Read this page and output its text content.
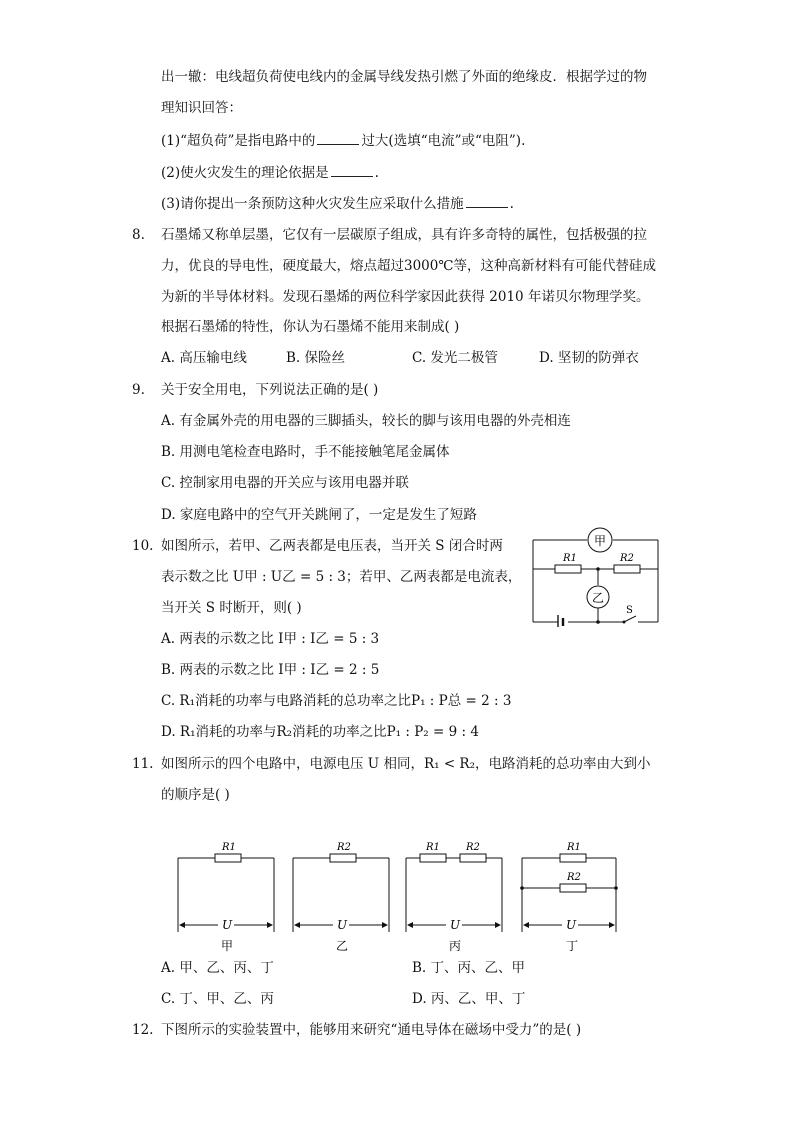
出一辙：电线超负荷使电线内的金属导线发热引燃了外面的绝缘皮．根据学过的物
理知识回答：
(1)“超负荷”是指电路中的	过大(选填“电流”或“电阻”).
(2)使火灾发生的理论依据是	.
(3)请你提出一条预防这种火灾发生应采取什么措施	.
8. 石墨烯又称单层墨，它仅有一层碳原子组成，具有许多奇特的属性，包括极强的拉
力，优良的导电性，硬度最大，熔点超过3000℃等，这种高新材料有可能代替硅成
为新的半导体材料。发现石墨烯的两位科学家因此获得 2010 年诺贝尔物理学奖。
根据石墨烯的特性，你认为石墨烯不能用来制成( )
A. 高压输电线	B. 保险丝	C. 发光二极管	D. 坚韧的防弹衣
9. 关于安全用电，下列说法正确的是( )
A. 有金属外壳的用电器的三脚插头，较长的脚与该用电器的外壳相连
B. 用测电笔检查电路时，手不能接触笔尾金属体
C. 控制家用电器的开关应与该用电器并联
D. 家庭电路中的空气开关跳闸了，一定是发生了短路
10. 如图所示，若甲、乙两表都是电压表，当开关 S 闭合时两
表示数之比 U甲 : U乙 = 5 : 3；若甲、乙两表都是电流表，
当开关 S 时断开，则( )
A. 两表的示数之比 I甲 : I乙 = 5 : 3
B. 两表的示数之比 I甲 : I乙 = 2 : 5
C. R₁消耗的功率与电路消耗的总功率之比P₁ : P总 = 2 : 3
D. R₁消耗的功率与R₂消耗的功率之比P₁ : P₂ = 9 : 4
甲
乙
R1	R2
S
11. 如图所示的四个电路中，电源电压 U 相同，R₁ < R₂，电路消耗的总功率由大到小
的顺序是( )
R1
U
甲
R2
U
乙
R1	R2
U
丙
R1
R2
U
丁
A. 甲、乙、丙、丁	B. 丁、丙、乙、甲
C. 丁、甲、乙、丙	D. 丙、乙、甲、丁
12. 下图所示的实验装置中，能够用来研究“通电导体在磁场中受力”的是( )
